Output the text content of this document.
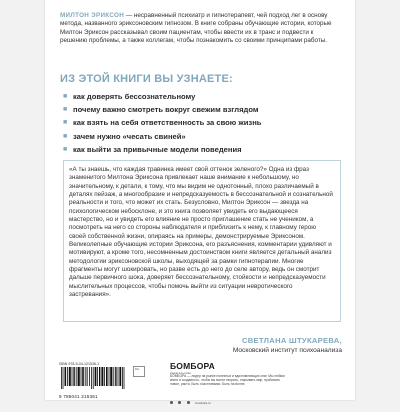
МИЛТОН ЭРИКСОН — несравненный психиатр и гипнотерапевт, чей подход лег в основу метода, названного эриксоновским гипнозом. В книге собраны обучающие истории, которые Милтон Эриксон рассказывал своим пациентам, чтобы ввести их в транс и подвести к решению проблемы, а также коллегам, чтобы познакомить со своими принципами работы.

ИЗ ЭТОЙ КНИГИ ВЫ УЗНАЕТЕ:
■ как доверять бессознательному
■ почему важно смотреть вокруг свежим взглядом
■ как взять на себя ответственность за свою жизнь
■ зачем нужно «чесать свиней»
■ как выйти за привычные модели поведения

«А ты знаешь, что каждая травинка имеет свой оттенок зеленого?» Одна из фраз знаменитого Милтона Эриксона привлекает наше внимание к небольшому, но значительному, к детали, к тому, что мы видим не однотонный, плохо различаемый в деталях пейзаж, а многообразие и непредсказуемость в бессознательной и сознательной реальности и того, что может их стать. Безусловно, Милтон Эриксон — звезда на психологическом небосклоне, и это книга позволяет увидеть его выдающееся мастерство, но и увидеть его влияние не просто приглашение стать не учеником, а посмотреть на него со стороны наблюдателя и приблизить к нему, к главному герою своей собственной жизни, опираясь на примеры, демонстрируемые Эриксоном. Великолепные обучающие истории Эриксона, его разъяснения, комментарии удивляют и мотивируют, а кроме того, несомненным достоинством книги является детальный анализ методологии эриксоновской школы, выходящей за рамки гипнотерапии. Многие фрагменты могут шокировать, но разве есть до него до селе автору, ведь он смотрит дальше первичного шока, доверяет бессознательному, стойкости и непредсказуемости мыслительных процессов, чтобы помочь выйти из ситуации невротического застревания».

СВЕТЛАНА ШТУКАРЕВА,

Московский институт психоанализа

ISBN 978-5-04-121536-1

9 785041 215361

16+	БОМБОРА

издательство

БОМБОРА — лидер на рынке полезных и вдохновляющих книг. Мы любим книги и создаем их, чтобы вы могли творить, открывать мир, пробовать новое, расти. Быть счастливыми. Быть на волне.

bombora.ru
